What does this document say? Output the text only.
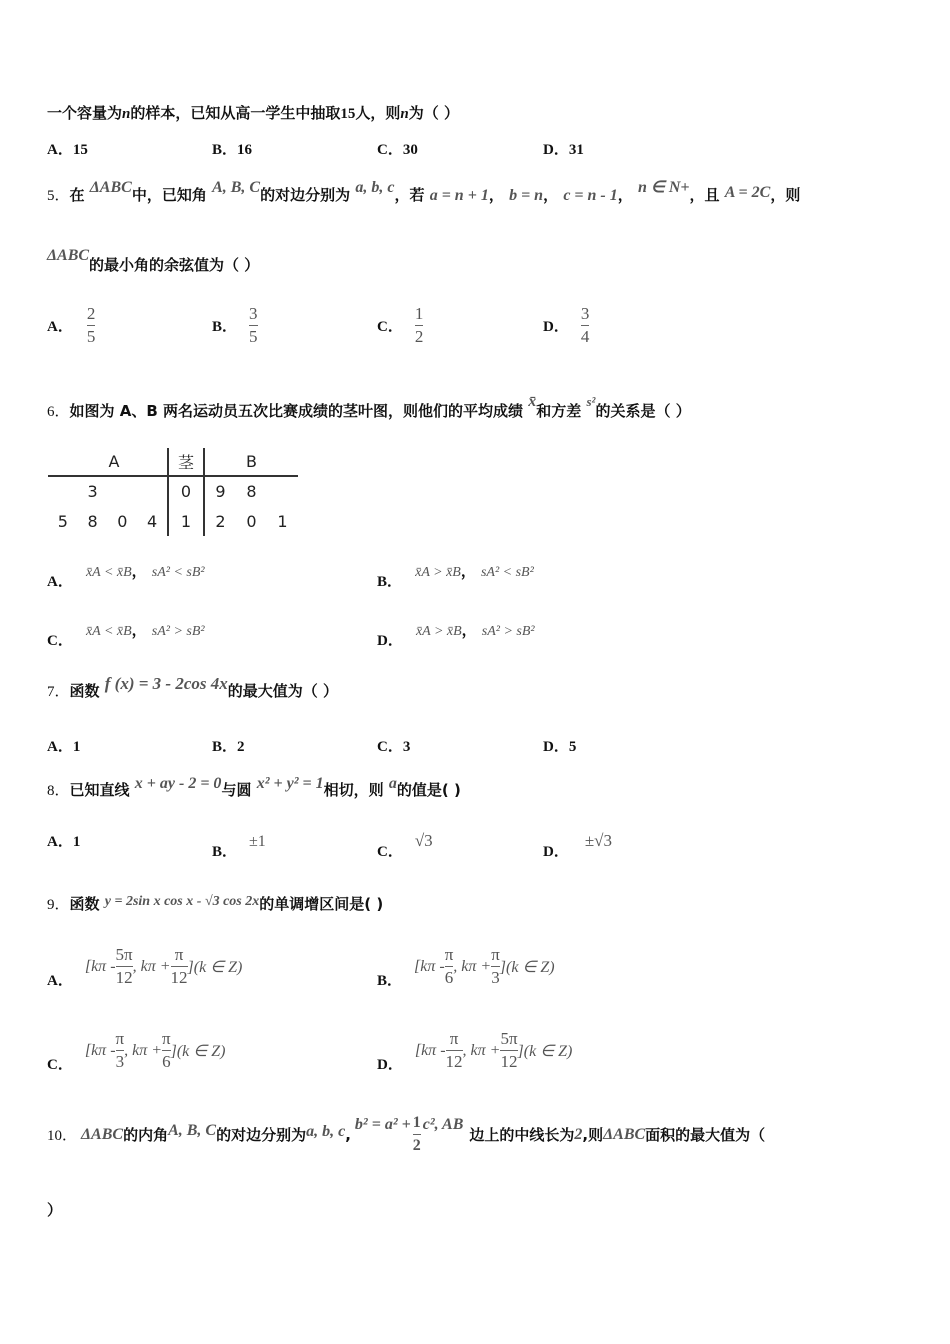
一个容量为n的样本，已知从高一学生中抽取15人，则n为（ ）
A．15	B．16	C．30	D．31
5．在 ΔABC中，已知角 A, B, C的对边分别为 a, b, c，若 a = n + 1， b = n， c = n - 1， n ∈ N+，且 A = 2C，则
ΔABC的最小角的余弦值为（ ）
A． $\frac{2}{5}$	B． $\frac{3}{5}$	C． $\frac{1}{2}$	D． $\frac{3}{4}$
6．如图为 A、B 两名运动员五次比赛成绩的茎叶图，则他们的平均成绩 x̄和方差 s²的关系是（ ）
A				茎	B		
	3			0	9	8	
5	8	0	4	1	2	0	1
A． x̄A < x̄B， sA² < sB²
B． x̄A > x̄B， sA² < sB²
C． x̄A < x̄B， sA² > sB²
D． x̄A > x̄B， sA² > sB²
7．函数 f (x) = 3 - 2cos 4x的最大值为（ ）
A．1	B．2	C．3	D．5
8．已知直线 x + ay - 2 = 0与圆 x² + y² = 1相切，则 a的值是( )
A．1
B．±1
C．√3
D．±√3
9．函数 y = 2sin x cos x - √3 cos 2x的单调增区间是( )
A．
[$k\pi - \frac{5\pi}{12}$ , $k\pi + \frac{\pi}{12} ](k$ ∈ Z)
B．
[$k\pi - \frac{\pi}{6}$ , $k\pi + \frac{\pi}{3} ](k$ ∈ Z)
C．
[$k\pi - \frac{\pi}{3}$ , $k\pi + \frac{\pi}{6} ](k$ ∈ Z)
D．
[$k\pi - \frac{\pi}{12}$ , $k\pi + \frac{5\pi}{12} ](k$ ∈ Z)
10． ΔABC 的内角 A, B, C 的对边分别为 a, b, c ,
$b^2 = a^2 + \frac{1}{2} c^2$, AB
边上的中线长为 2 ,则 ΔABC 面积的最大值为（
）
